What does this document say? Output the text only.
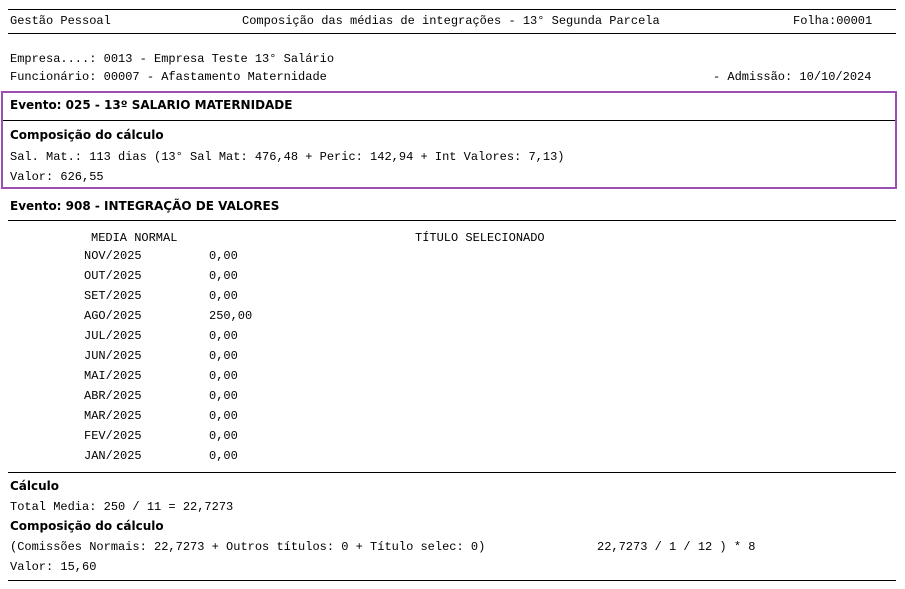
Gestão Pessoal	Composição das médias de integrações - 13° Segunda Parcela	Folha:00001
Empresa....: 0013 - Empresa Teste 13° Salário
Funcionário: 00007 - Afastamento Maternidade	- Admissão: 10/10/2024
Evento: 025 - 13º SALARIO MATERNIDADE
Composição do cálculo
Sal. Mat.: 113 dias (13° Sal Mat: 476,48 + Peric: 142,94 + Int Valores: 7,13)
Valor: 626,55
Evento: 908 - INTEGRAÇÃO DE VALORES
MEDIA NORMAL	TÍTULO SELECIONADO
NOV/2025	0,00
OUT/2025	0,00
SET/2025	0,00
AGO/2025	250,00
JUL/2025	0,00
JUN/2025	0,00
MAI/2025	0,00
ABR/2025	0,00
MAR/2025	0,00
FEV/2025	0,00
JAN/2025	0,00
Cálculo
Total Media: 250 / 11 = 22,7273
Composição do cálculo
(Comissões Normais: 22,7273 + Outros títulos: 0 + Título selec: 0)	22,7273 / 1 / 12 ) * 8
Valor: 15,60
